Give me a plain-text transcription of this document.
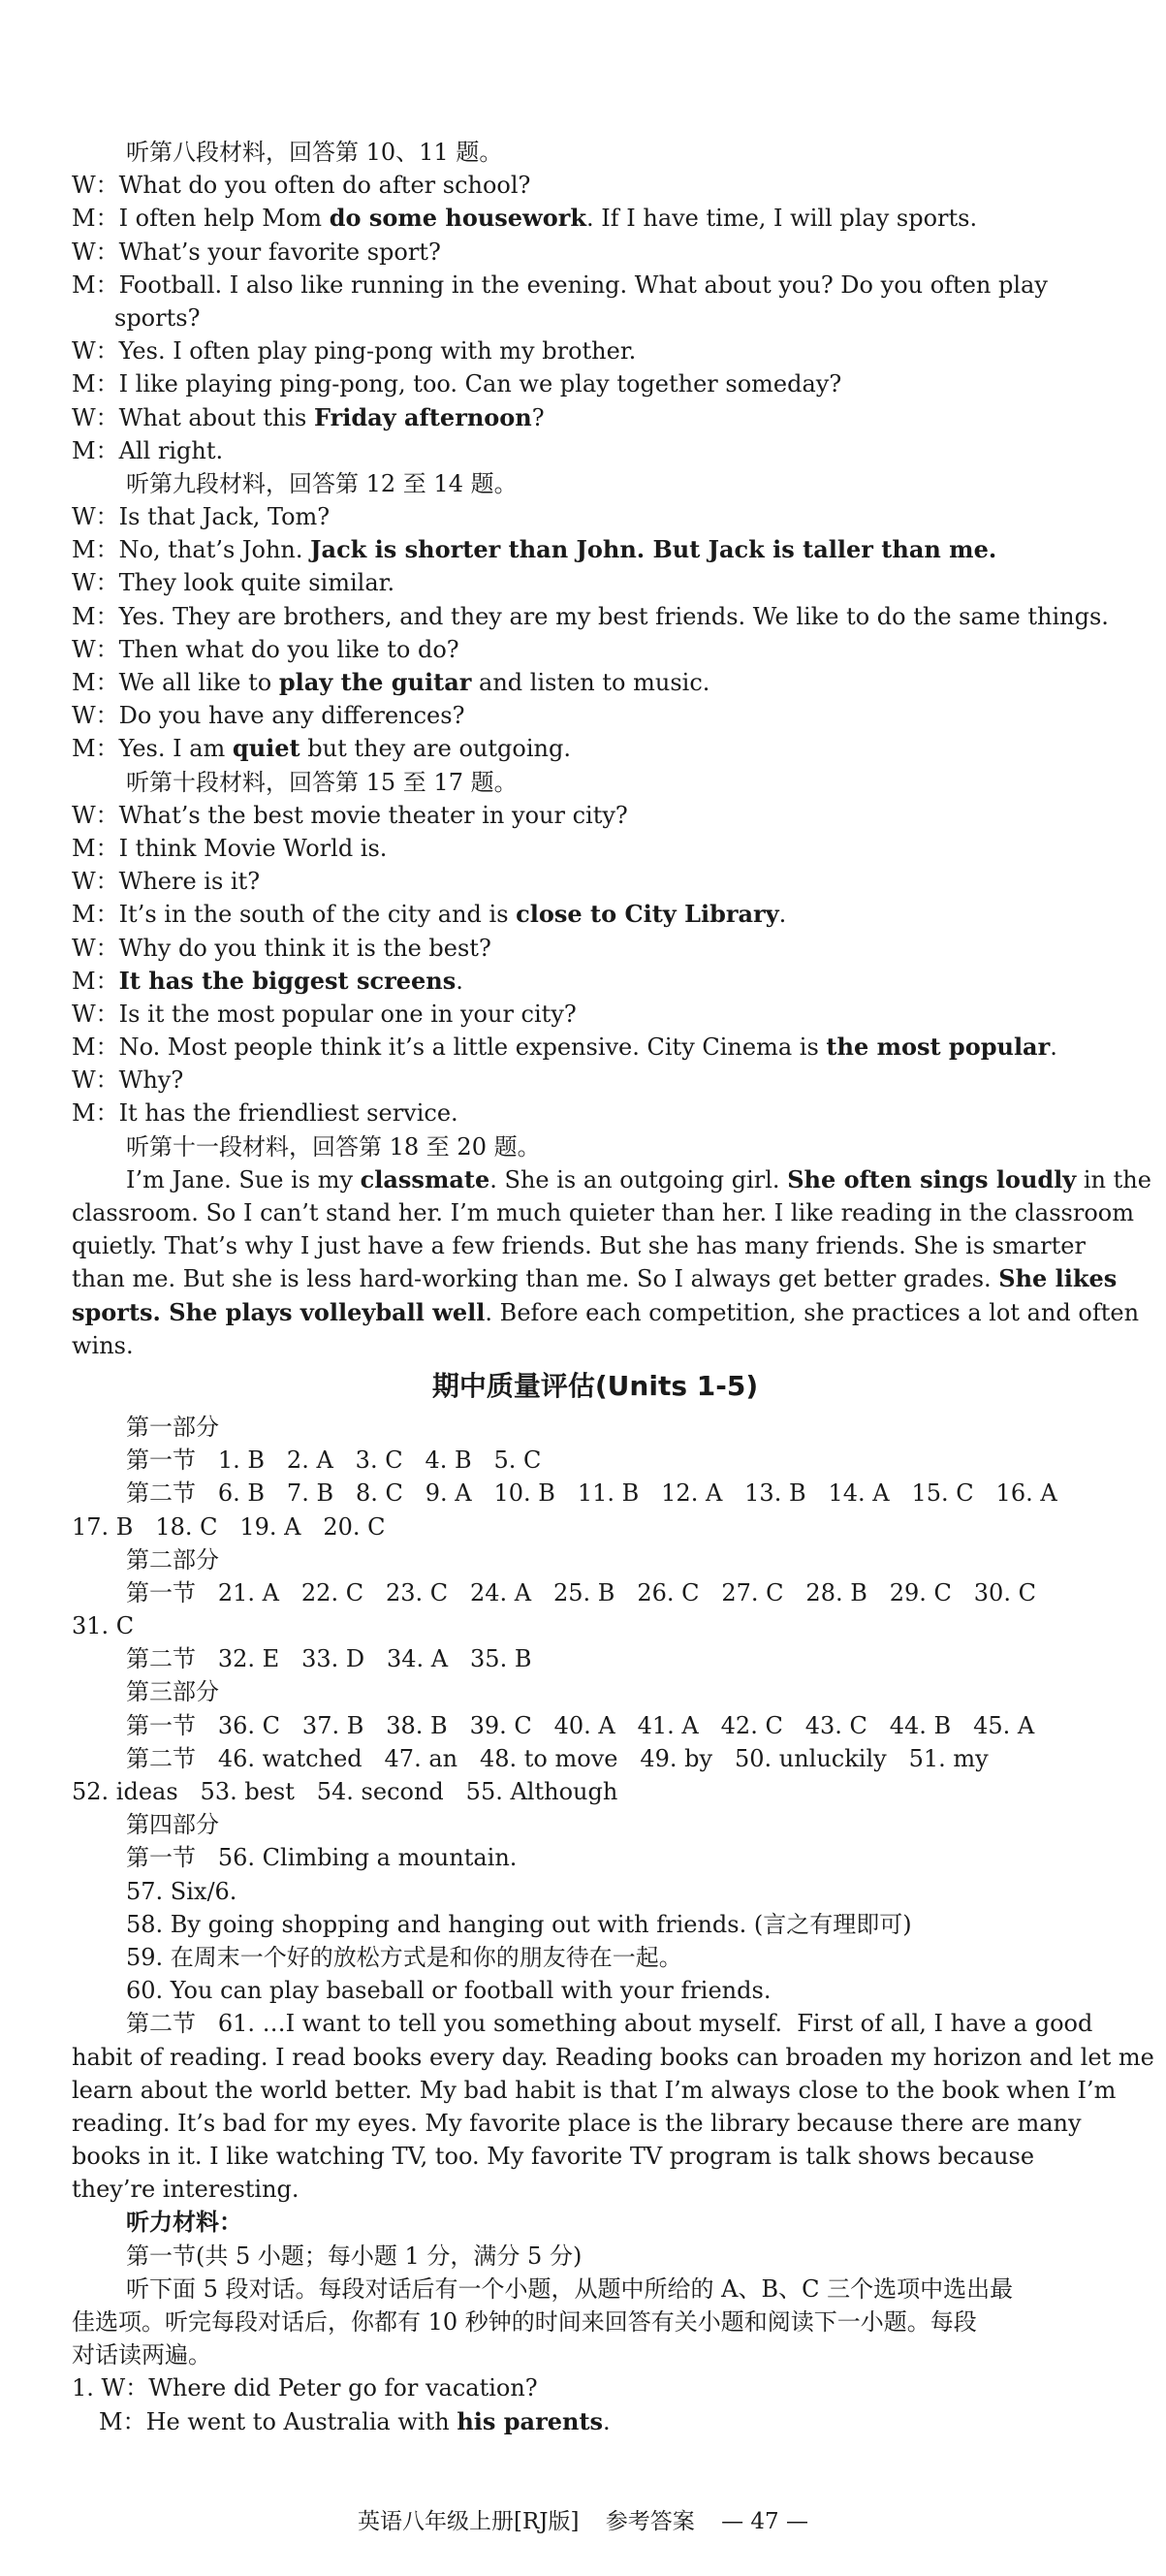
听第八段材料，回答第 10、11 题。
W：What do you often do after school?
M：I often help Mom do some housework. If I have time, I will play sports.
W：What’s your favorite sport?
M：Football. I also like running in the evening. What about you? Do you often play
sports?
W：Yes. I often play ping-pong with my brother.
M：I like playing ping-pong, too. Can we play together someday?
W：What about this Friday afternoon?
M：All right.
听第九段材料，回答第 12 至 14 题。
W：Is that Jack, Tom?
M：No, that’s John. Jack is shorter than John. But Jack is taller than me.
W：They look quite similar.
M：Yes. They are brothers, and they are my best friends. We like to do the same things.
W：Then what do you like to do?
M：We all like to play the guitar and listen to music.
W：Do you have any differences?
M：Yes. I am quiet but they are outgoing.
听第十段材料，回答第 15 至 17 题。
W：What’s the best movie theater in your city?
M：I think Movie World is.
W：Where is it?
M：It’s in the south of the city and is close to City Library.
W：Why do you think it is the best?
M：It has the biggest screens.
W：Is it the most popular one in your city?
M：No. Most people think it’s a little expensive. City Cinema is the most popular.
W：Why?
M：It has the friendliest service.
听第十一段材料，回答第 18 至 20 题。
I’m Jane. Sue is my classmate. She is an outgoing girl. She often sings loudly in the
classroom. So I can’t stand her. I’m much quieter than her. I like reading in the classroom
quietly. That’s why I just have a few friends. But she has many friends. She is smarter
than me. But she is less hard-working than me. So I always get better grades. She likes
sports. She plays volleyball well. Before each competition, she practices a lot and often
wins.
期中质量评估(Units 1-5)
第一部分
第一节   1. B   2. A   3. C   4. B   5. C
第二节   6. B   7. B   8. C   9. A   10. B   11. B   12. A   13. B   14. A   15. C   16. A
17. B   18. C   19. A   20. C
第二部分
第一节   21. A   22. C   23. C   24. A   25. B   26. C   27. C   28. B   29. C   30. C
31. C
第二节   32. E   33. D   34. A   35. B
第三部分
第一节   36. C   37. B   38. B   39. C   40. A   41. A   42. C   43. C   44. B   45. A
第二节   46. watched   47. an   48. to move   49. by   50. unluckily   51. my
52. ideas   53. best   54. second   55. Although
第四部分
第一节   56. Climbing a mountain.
57. Six/6.
58. By going shopping and hanging out with friends. (言之有理即可)
59. 在周末一个好的放松方式是和你的朋友待在一起。
60. You can play baseball or football with your friends.
第二节   61. …I want to tell you something about myself.  First of all, I have a good
habit of reading. I read books every day. Reading books can broaden my horizon and let me
learn about the world better. My bad habit is that I’m always close to the book when I’m
reading. It’s bad for my eyes. My favorite place is the library because there are many
books in it. I like watching TV, too. My favorite TV program is talk shows because
they’re interesting.
听力材料：
第一节(共 5 小题；每小题 1 分，满分 5 分)
听下面 5 段对话。每段对话后有一个小题，从题中所给的 A、B、C 三个选项中选出最
佳选项。听完每段对话后，你都有 10 秒钟的时间来回答有关小题和阅读下一小题。每段
对话读两遍。
1. W：Where did Peter go for vacation?
M：He went to Australia with his parents.
英语八年级上册[RJ版] 参考答案 — 47 —
